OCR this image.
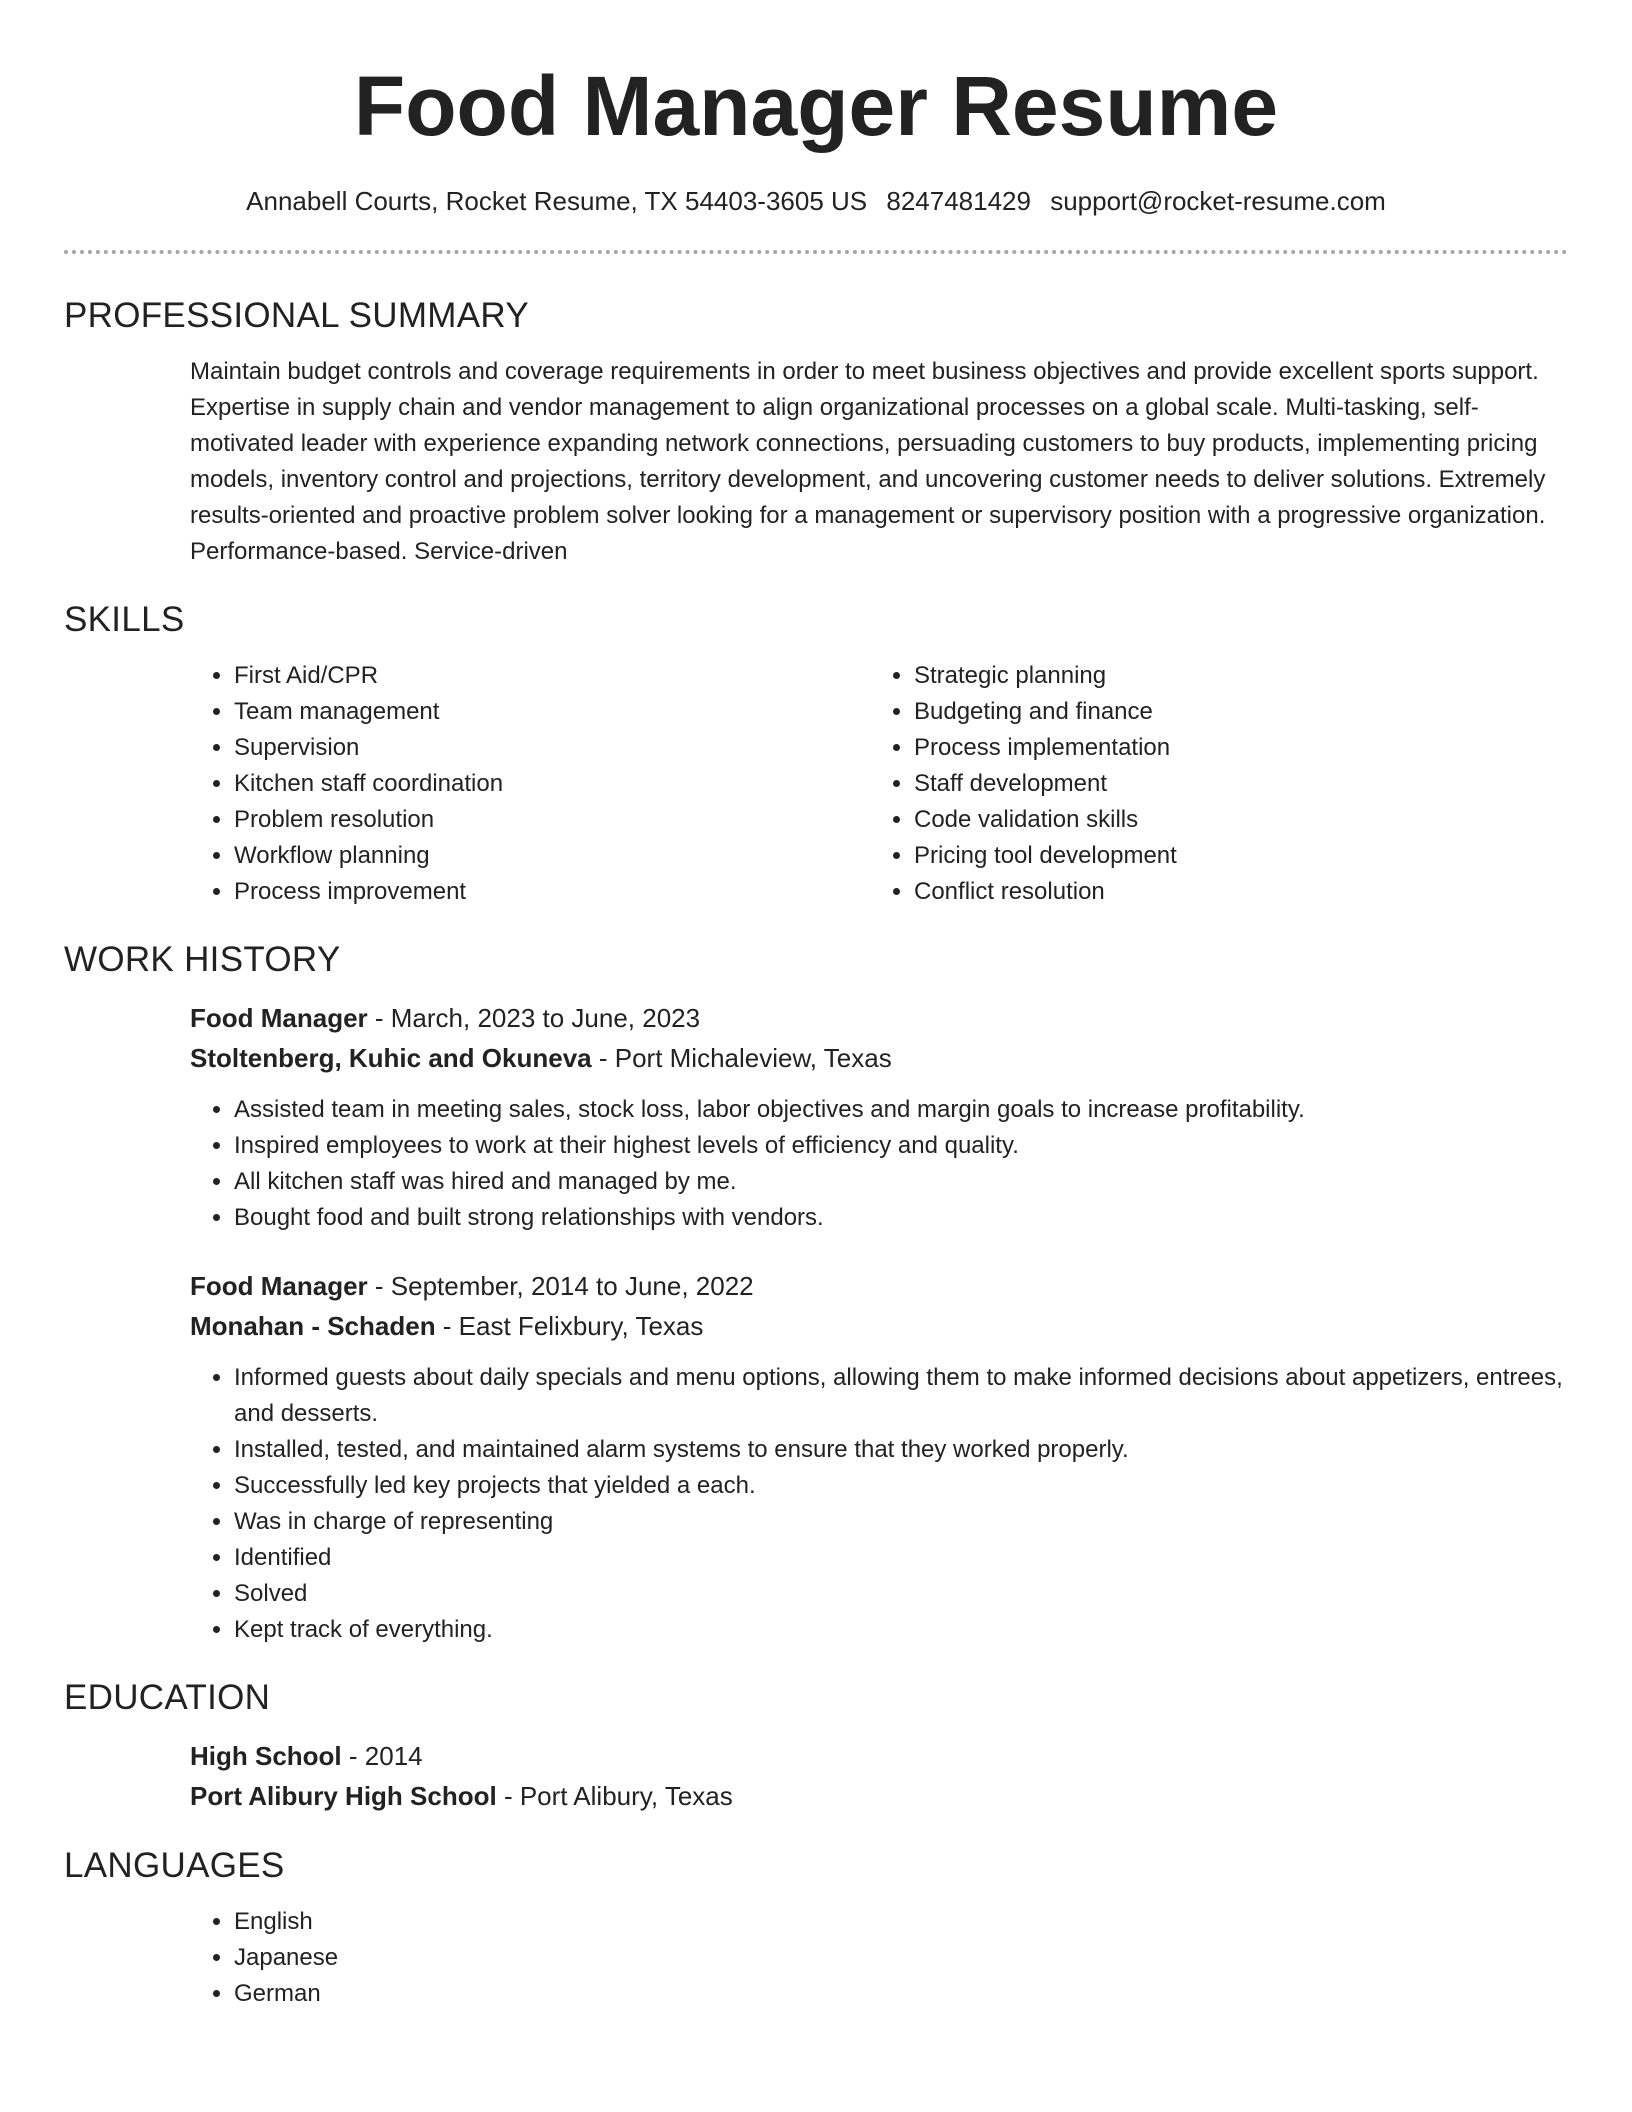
Food Manager Resume
Annabell Courts, Rocket Resume, TX 54403-3605 US 8247481429 support@rocket-resume.com
PROFESSIONAL SUMMARY

Maintain budget controls and coverage requirements in order to meet business objectives and provide excellent sports support. Expertise in supply chain and vendor management to align organizational processes on a global scale. Multi-tasking, self-motivated leader with experience expanding network connections, persuading customers to buy products, implementing pricing models, inventory control and projections, territory development, and uncovering customer needs to deliver solutions. Extremely results-oriented and proactive problem solver looking for a management or supervisory position with a progressive organization. Performance-based. Service-driven

SKILLS
• First Aid/CPR
• Team management
• Supervision
• Kitchen staff coordination
• Problem resolution
• Workflow planning
• Process improvement
• Strategic planning
• Budgeting and finance
• Process implementation
• Staff development
• Code validation skills
• Pricing tool development
• Conflict resolution
WORK HISTORY
Food Manager - March, 2023 to June, 2023
Stoltenberg, Kuhic and Okuneva - Port Michaleview, Texas
• Assisted team in meeting sales, stock loss, labor objectives and margin goals to increase profitability.
• Inspired employees to work at their highest levels of efficiency and quality.
• All kitchen staff was hired and managed by me.
• Bought food and built strong relationships with vendors.
Food Manager - September, 2014 to June, 2022
Monahan - Schaden - East Felixbury, Texas
• Informed guests about daily specials and menu options, allowing them to make informed decisions about appetizers, entrees, and desserts.
• Installed, tested, and maintained alarm systems to ensure that they worked properly.
• Successfully led key projects that yielded a each.
• Was in charge of representing
• Identified
• Solved
• Kept track of everything.
EDUCATION
High School - 2014
Port Alibury High School - Port Alibury, Texas
LANGUAGES
• English
• Japanese
• German
